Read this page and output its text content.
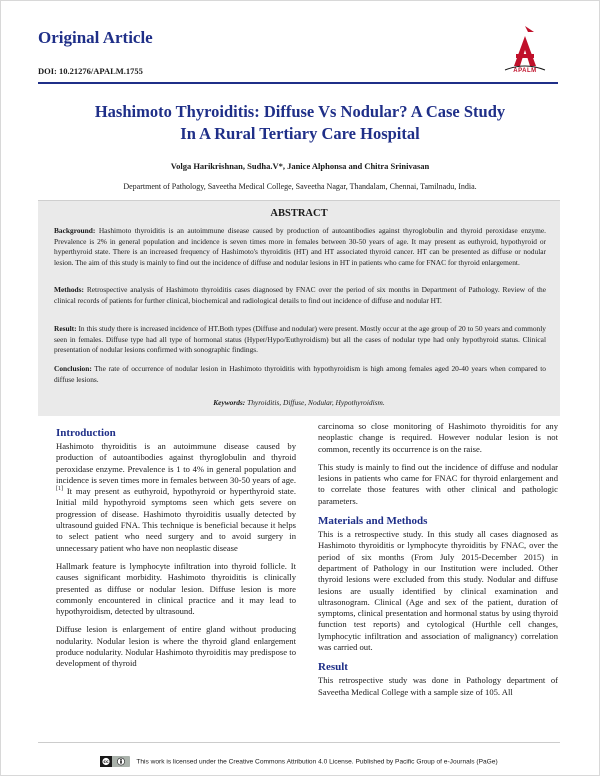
Original Article
DOI: 10.21276/APALM.1755	APALM
Hashimoto Thyroiditis: Diffuse Vs Nodular? A Case Study
In A Rural Tertiary Care Hospital
Volga Harikrishnan, Sudha.V*, Janice Alphonsa and Chitra Srinivasan
Department of Pathology, Saveetha Medical College, Saveetha Nagar, Thandalam, Chennai, Tamilnadu, India.
ABSTRACT
Background: Hashimoto thyroiditis is an autoimmune disease caused by production of autoantibodies against thyroglobulin and thyroid peroxidase enzyme. Prevalence is 2% in general population and incidence is seven times more in females between 30-50 years of age. It may present as euthyroid, hypothyroid or hyperthyroid state. There is an increased frequency of Hashimoto's thyroiditis (HT) and HT associated thyroid cancer. HT can be presented as diffuse or nodular lesion. The aim of this study is mainly to find out the incidence of diffuse and nodular lesions in HT in patients who came for FNAC for thyroid enlargement.
Methods: Retrospective analysis of Hashimoto thyroiditis cases diagnosed by FNAC over the period of six months in Department of Pathology. Review of the clinical records of patients for further clinical, biochemical and radiological details to find out incidence of diffuse and nodular HT.
Result: In this study there is increased incidence of HT.Both types (Diffuse and nodular) were present. Mostly occur at the age group of 20 to 50 years and commonly seen in females. Diffuse type had all type of hormonal status (Hyper/Hypo/Euthyroidism) but all the cases of nodular type had only hypothyroid status. Clinical presentation of nodular lesions confirmed with sonographic findings.
Conclusion: The rate of occurrence of nodular lesion in Hashimoto thyroiditis with hypothyroidism is high among females aged 20-40 years when compared to diffuse lesions.
Keywords: Thyroiditis, Diffuse, Nodular, Hypothyroidism.
Introduction
Hashimoto thyroiditis is an autoimmune disease caused by production of autoantibodies against thyroglobulin and thyroid peroxidase enzyme. Prevalence is 1 to 4% in general population and incidence is seven times more in females between 30-50 years of age.[1] It may present as euthyroid, hypothyroid or hyperthyroid state. Initial mild hypothyroid symptoms seen which gets severe on progression of disease. Hashimoto thyroiditis usually detected by ultrasound guided FNA. This technique is beneficial because it helps to select patient who need surgery and to avoid surgery in unnecessary patient who have non neoplastic disease
Hallmark feature is lymphocyte infiltration into thyroid follicle. It causes significant morbidity. Hashimoto thyroiditis is clinically presented as diffuse or nodular lesion. Diffuse lesion is more commonly encountered in clinical practice and it may lead to hypothyroidism, detected by ultrasound.
Diffuse lesion is enlargement of entire gland without producing nodularity. Nodular lesion is where the thyroid gland enlargement produce nodularity. Nodular Hashimoto thyroiditis may predispose to development of thyroid
carcinoma so close monitoring of Hashimoto thyroiditis for any neoplastic change is required. However nodular lesion is not common, recently its occurrence is on the raise.
This study is mainly to find out the incidence of diffuse and nodular lesions in patients who came for FNAC for thyroid enlargement and to correlate those features with other clinical and pathologic parameters.
Materials and Methods
This is a retrospective study. In this study all cases diagnosed as Hashimoto thyroiditis or lymphocyte thyroiditis by FNAC, over the period of six months (From July 2015-December 2015) in department of Pathology in our Institution were included. Other thyroid lesions were excluded from this study. Nodular and diffuse lesions are usually identified by clinical examination and ultrasonogram. Clinical (Age and sex of the patient, duration of symptoms, clinical presentation and hormonal status by using thyroid function test reports) and cytological (Hurthle cell changes, lymphocytic infiltration and association of malignancy) correlation was carried out.
Result
This retrospective study was done in Pathology department of Saveetha Medical College with a sample size of 105. All
cc	This work is licensed under the Creative Commons Attribution 4.0 License. Published by Pacific Group of e-Journals (PaGe)
